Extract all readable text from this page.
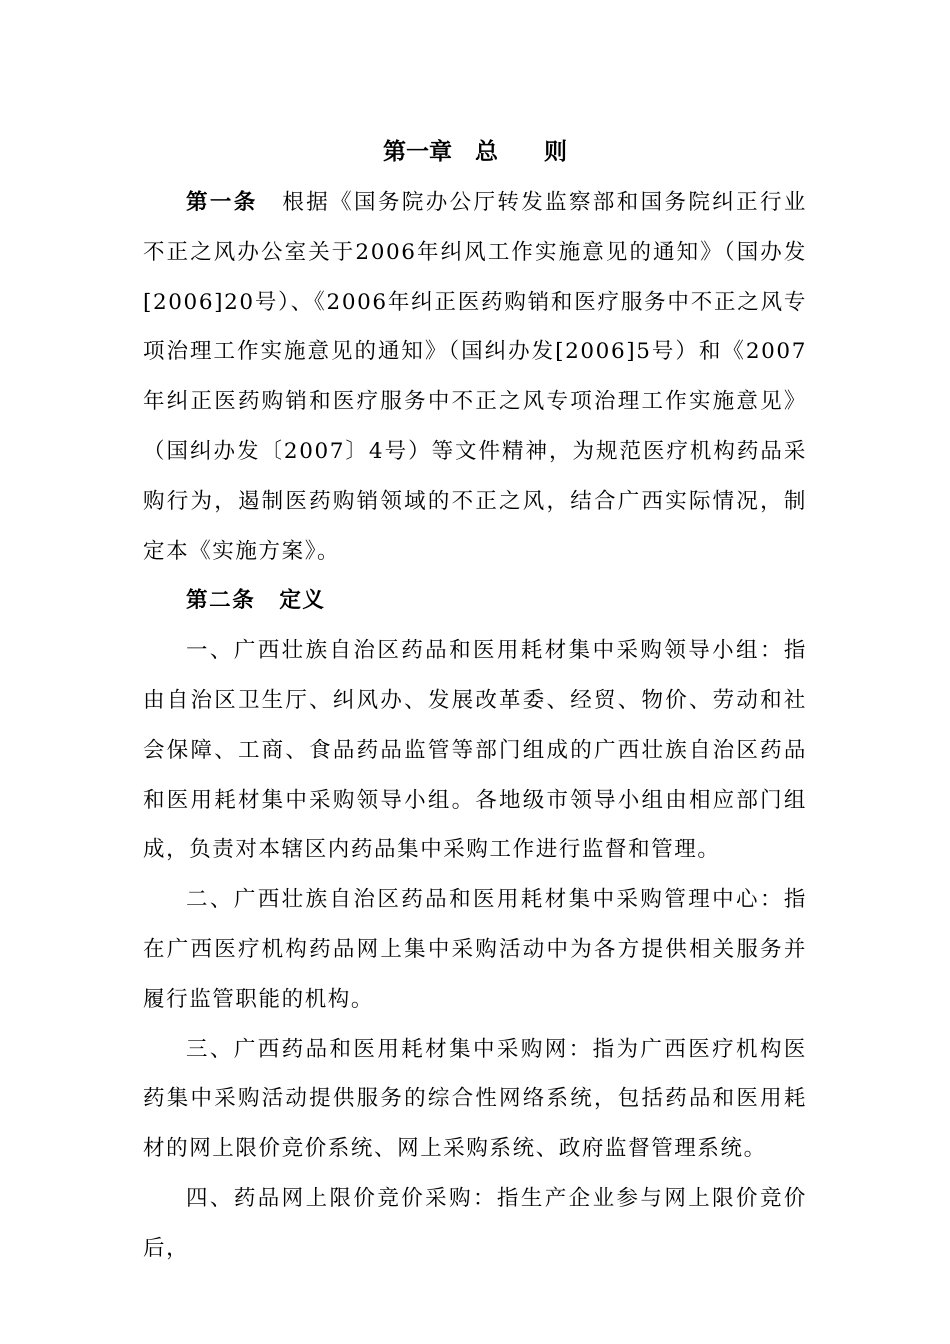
第一章　总　　则

第一条 根据《国务院办公厅转发监察部和国务院纠正行业不正之风办公室关于2006年纠风工作实施意见的通知》（国办发[2006]20号）、《2006年纠正医药购销和医疗服务中不正之风专项治理工作实施意见的通知》（国纠办发[2006]5号）和《2007年纠正医药购销和医疗服务中不正之风专项治理工作实施意见》（国纠办发〔2007〕4号）等文件精神，为规范医疗机构药品采购行为，遏制医药购销领域的不正之风，结合广西实际情况，制定本《实施方案》。

第二条 定义

一、广西壮族自治区药品和医用耗材集中采购领导小组：指由自治区卫生厅、纠风办、发展改革委、经贸、物价、劳动和社会保障、工商、食品药品监管等部门组成的广西壮族自治区药品和医用耗材集中采购领导小组。各地级市领导小组由相应部门组成，负责对本辖区内药品集中采购工作进行监督和管理。

二、广西壮族自治区药品和医用耗材集中采购管理中心：指在广西医疗机构药品网上集中采购活动中为各方提供相关服务并履行监管职能的机构。

三、广西药品和医用耗材集中采购网：指为广西医疗机构医药集中采购活动提供服务的综合性网络系统，包括药品和医用耗材的网上限价竞价系统、网上采购系统、政府监督管理系统。

四、药品网上限价竞价采购：指生产企业参与网上限价竞价后，
